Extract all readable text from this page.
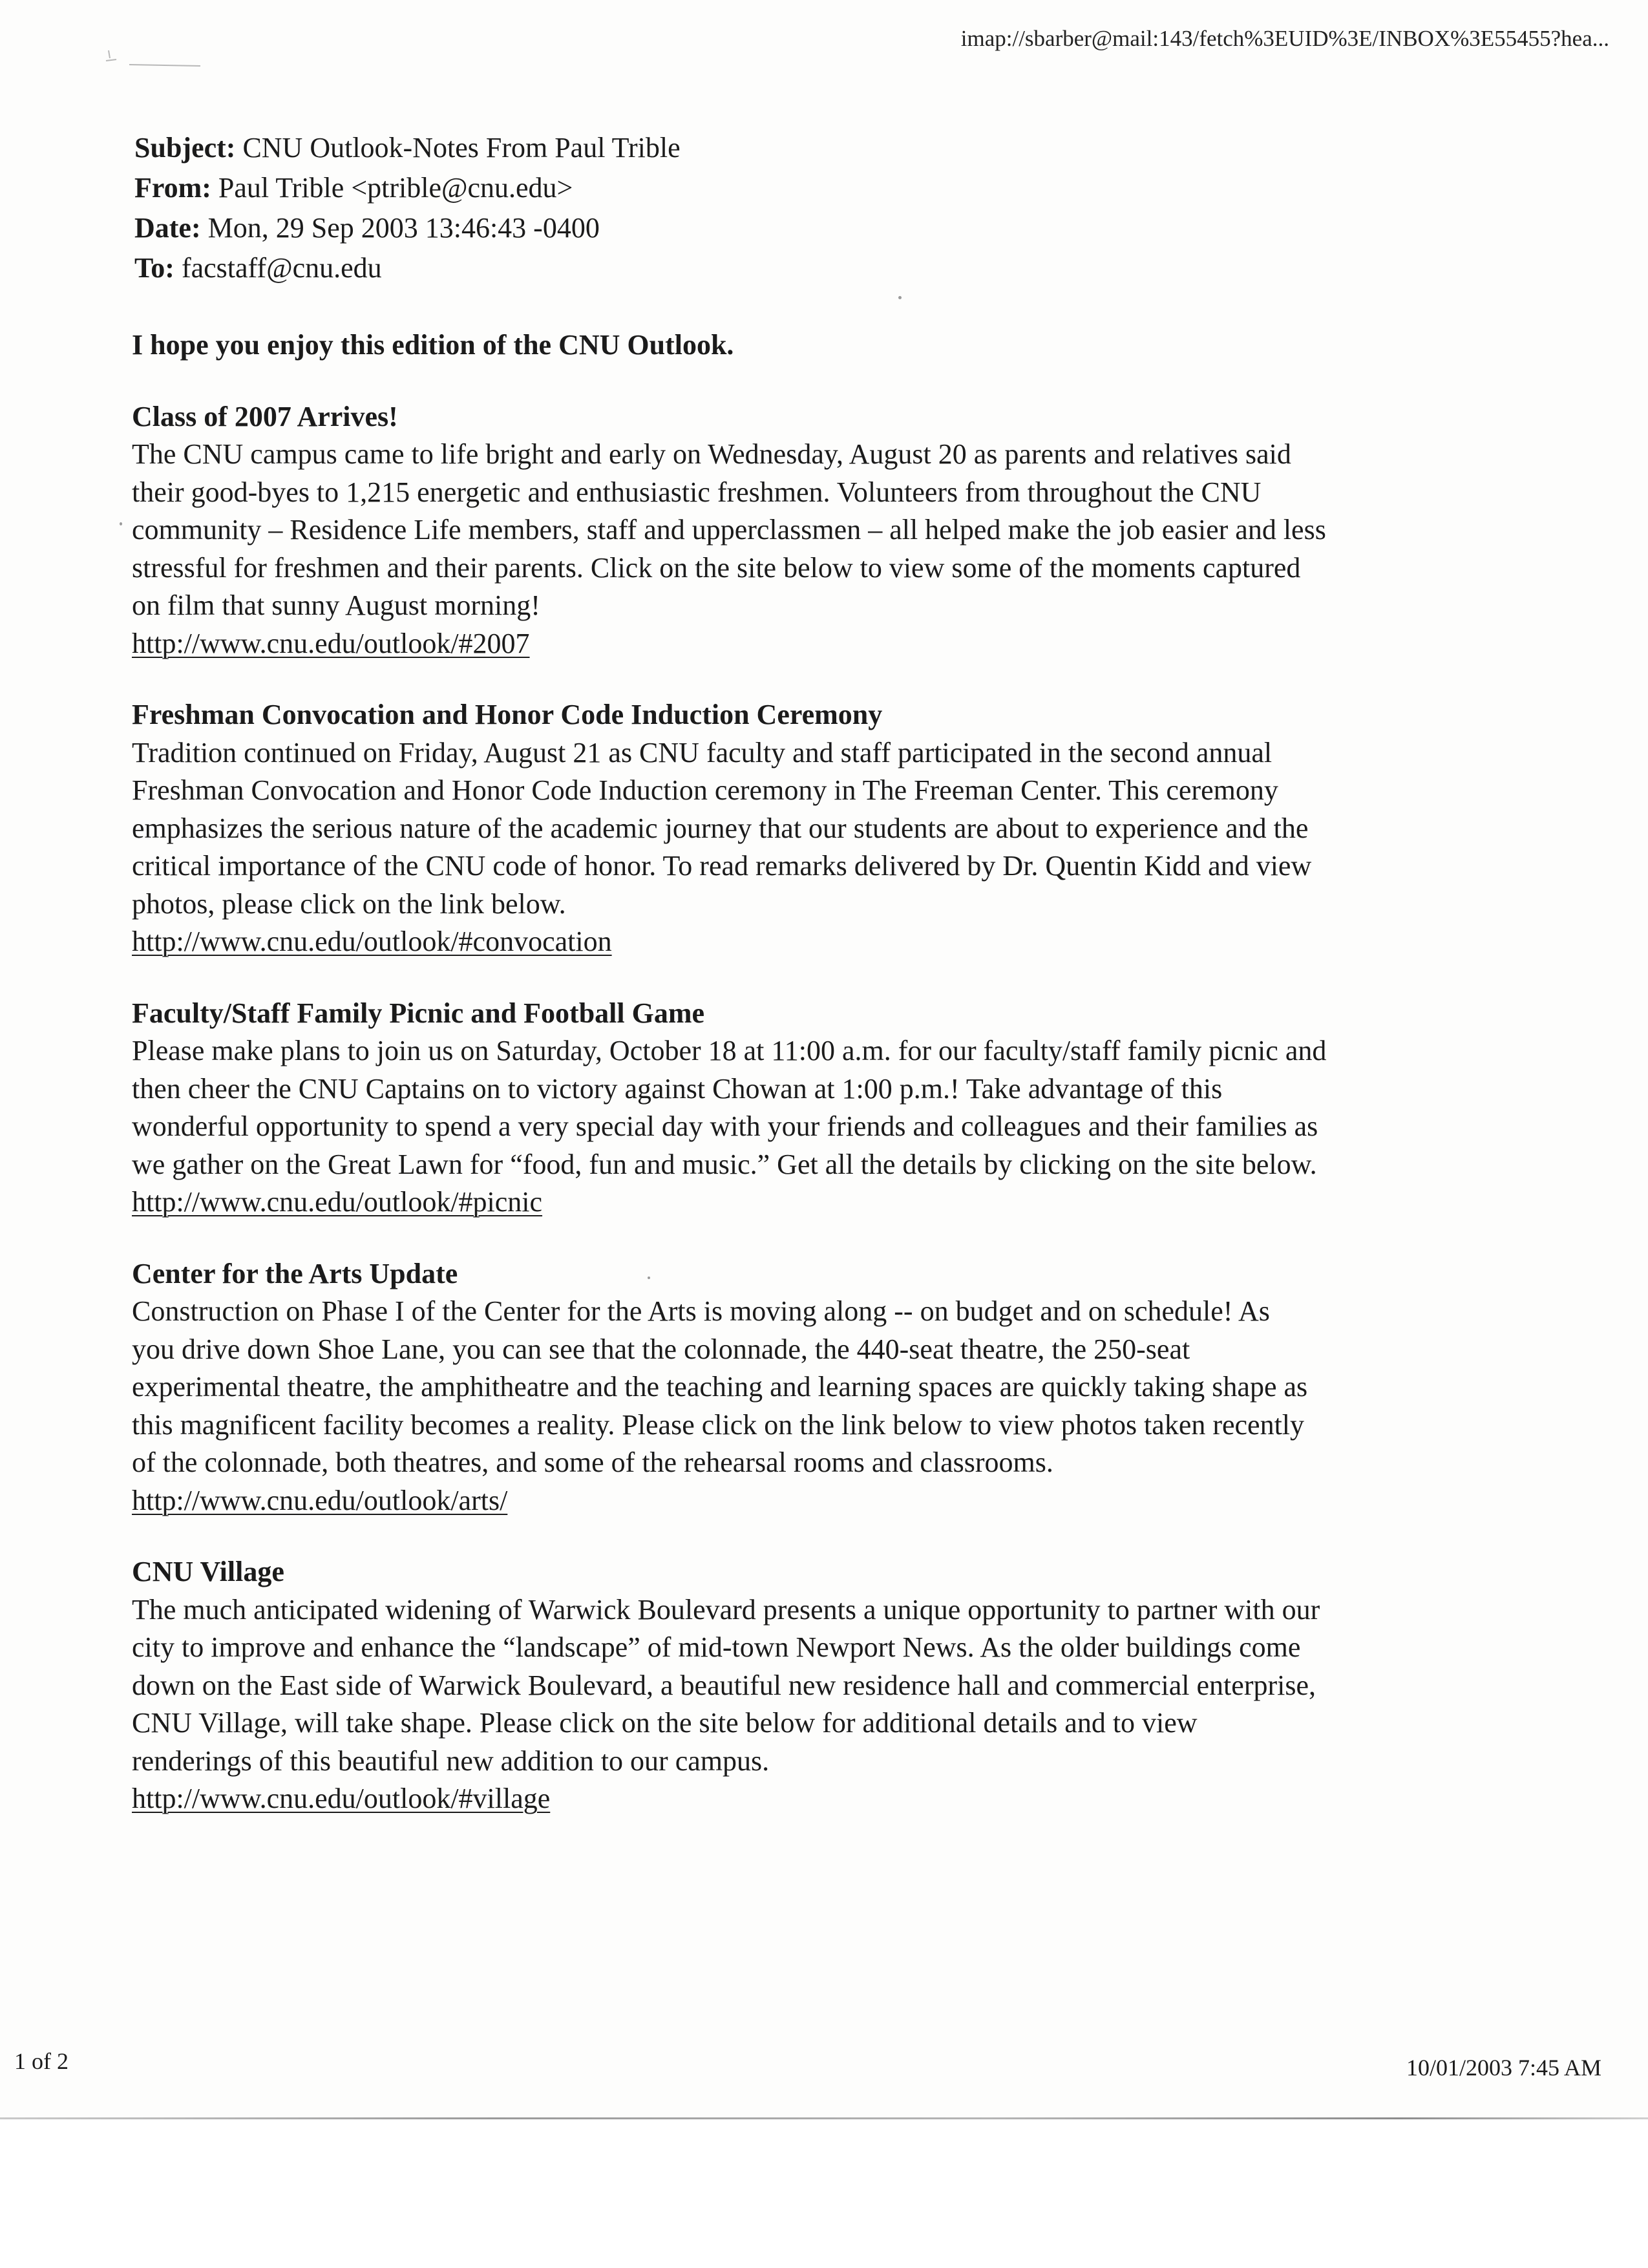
imap://sbarber@mail:143/fetch%3EUID%3E/INBOX%3E55455?hea...
Subject: CNU Outlook-Notes From Paul Trible
From: Paul Trible <ptrible@cnu.edu>
Date: Mon, 29 Sep 2003 13:46:43 -0400
To: facstaff@cnu.edu

I hope you enjoy this edition of the CNU Outlook.

Class of 2007 Arrives!
The CNU campus came to life bright and early on Wednesday, August 20 as parents and relatives said
their good-byes to 1,215 energetic and enthusiastic freshmen. Volunteers from throughout the CNU
community – Residence Life members, staff and upperclassmen – all helped make the job easier and less
stressful for freshmen and their parents. Click on the site below to view some of the moments captured
on film that sunny August morning!
http://www.cnu.edu/outlook/#2007
Freshman Convocation and Honor Code Induction Ceremony
Tradition continued on Friday, August 21 as CNU faculty and staff participated in the second annual
Freshman Convocation and Honor Code Induction ceremony in The Freeman Center. This ceremony
emphasizes the serious nature of the academic journey that our students are about to experience and the
critical importance of the CNU code of honor. To read remarks delivered by Dr. Quentin Kidd and view
photos, please click on the link below.
http://www.cnu.edu/outlook/#convocation
Faculty/Staff Family Picnic and Football Game
Please make plans to join us on Saturday, October 18 at 11:00 a.m. for our faculty/staff family picnic and
then cheer the CNU Captains on to victory against Chowan at 1:00 p.m.! Take advantage of this
wonderful opportunity to spend a very special day with your friends and colleagues and their families as
we gather on the Great Lawn for “food, fun and music.” Get all the details by clicking on the site below.
http://www.cnu.edu/outlook/#picnic
Center for the Arts Update
Construction on Phase I of the Center for the Arts is moving along -- on budget and on schedule! As
you drive down Shoe Lane, you can see that the colonnade, the 440-seat theatre, the 250-seat
experimental theatre, the amphitheatre and the teaching and learning spaces are quickly taking shape as
this magnificent facility becomes a reality. Please click on the link below to view photos taken recently
of the colonnade, both theatres, and some of the rehearsal rooms and classrooms.
http://www.cnu.edu/outlook/arts/
CNU Village
The much anticipated widening of Warwick Boulevard presents a unique opportunity to partner with our
city to improve and enhance the “landscape” of mid-town Newport News. As the older buildings come
down on the East side of Warwick Boulevard, a beautiful new residence hall and commercial enterprise,
CNU Village, will take shape. Please click on the site below for additional details and to view
renderings of this beautiful new addition to our campus.
http://www.cnu.edu/outlook/#village
1 of 2	10/01/2003 7:45 AM
